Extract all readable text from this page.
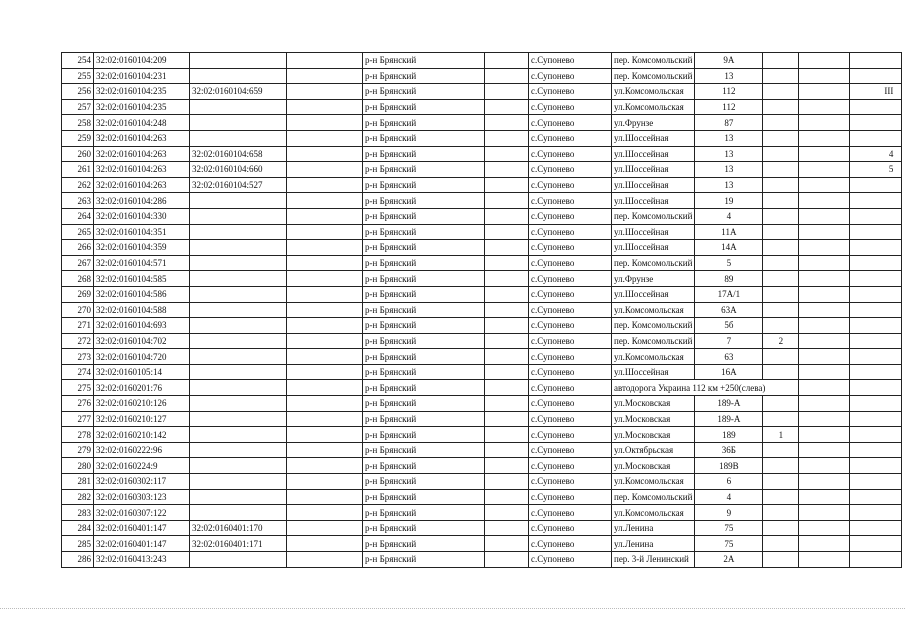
254	32:02:0160104:209			р-н Брянский		с.Супонево	пер. Комсомольский	9А			
255	32:02:0160104:231			р-н Брянский		с.Супонево	пер. Комсомольский	13			
256	32:02:0160104:235	32:02:0160104:659		р-н Брянский		с.Супонево	ул.Комсомольская	112			III
257	32:02:0160104:235			р-н Брянский		с.Супонево	ул.Комсомольская	112			
258	32:02:0160104:248			р-н Брянский		с.Супонево	ул.Фрунзе	87			
259	32:02:0160104:263			р-н Брянский		с.Супонево	ул.Шоссейная	13			
260	32:02:0160104:263	32:02:0160104:658		р-н Брянский		с.Супонево	ул.Шоссейная	13			4
261	32:02:0160104:263	32:02:0160104:660		р-н Брянский		с.Супонево	ул.Шоссейная	13			5
262	32:02:0160104:263	32:02:0160104:527		р-н Брянский		с.Супонево	ул.Шоссейная	13			
263	32:02:0160104:286			р-н Брянский		с.Супонево	ул.Шоссейная	19			
264	32:02:0160104:330			р-н Брянский		с.Супонево	пер. Комсомольский	4			
265	32:02:0160104:351			р-н Брянский		с.Супонево	ул.Шоссейная	11А			
266	32:02:0160104:359			р-н Брянский		с.Супонево	ул.Шоссейная	14А			
267	32:02:0160104:571			р-н Брянский		с.Супонево	пер. Комсомольский	5			
268	32:02:0160104:585			р-н Брянский		с.Супонево	ул.Фрунзе	89			
269	32:02:0160104:586			р-н Брянский		с.Супонево	ул.Шоссейная	17А/1			
270	32:02:0160104:588			р-н Брянский		с.Супонево	ул.Комсомольская	63А			
271	32:02:0160104:693			р-н Брянский		с.Супонево	пер. Комсомольский	5б			
272	32:02:0160104:702			р-н Брянский		с.Супонево	пер. Комсомольский	7	2		
273	32:02:0160104:720			р-н Брянский		с.Супонево	ул.Комсомольская	63			
274	32:02:0160105:14			р-н Брянский		с.Супонево	ул.Шоссейная	16А			
275	32:02:0160201:76			р-н Брянский		с.Супонево	автодорога Украина 112 км +250(слева)				
276	32:02:0160210:126			р-н Брянский		с.Супонево	ул.Московская	189-А			
277	32:02:0160210:127			р-н Брянский		с.Супонево	ул.Московская	189-А			
278	32:02:0160210:142			р-н Брянский		с.Супонево	ул.Московская	189	1		
279	32:02:0160222:96			р-н Брянский		с.Супонево	ул.Октябрьская	36Б			
280	32:02:0160224:9			р-н Брянский		с.Супонево	ул.Московская	189В			
281	32:02:0160302:117			р-н Брянский		с.Супонево	ул.Комсомольская	6			
282	32:02:0160303:123			р-н Брянский		с.Супонево	пер. Комсомольский	4			
283	32:02:0160307:122			р-н Брянский		с.Супонево	ул.Комсомольская	9			
284	32:02:0160401:147	32:02:0160401:170		р-н Брянский		с.Супонево	ул.Ленина	75			
285	32:02:0160401:147	32:02:0160401:171		р-н Брянский		с.Супонево	ул.Ленина	75			
286	32:02:0160413:243			р-н Брянский		с.Супонево	пер. 3-й Ленинский	2А			
